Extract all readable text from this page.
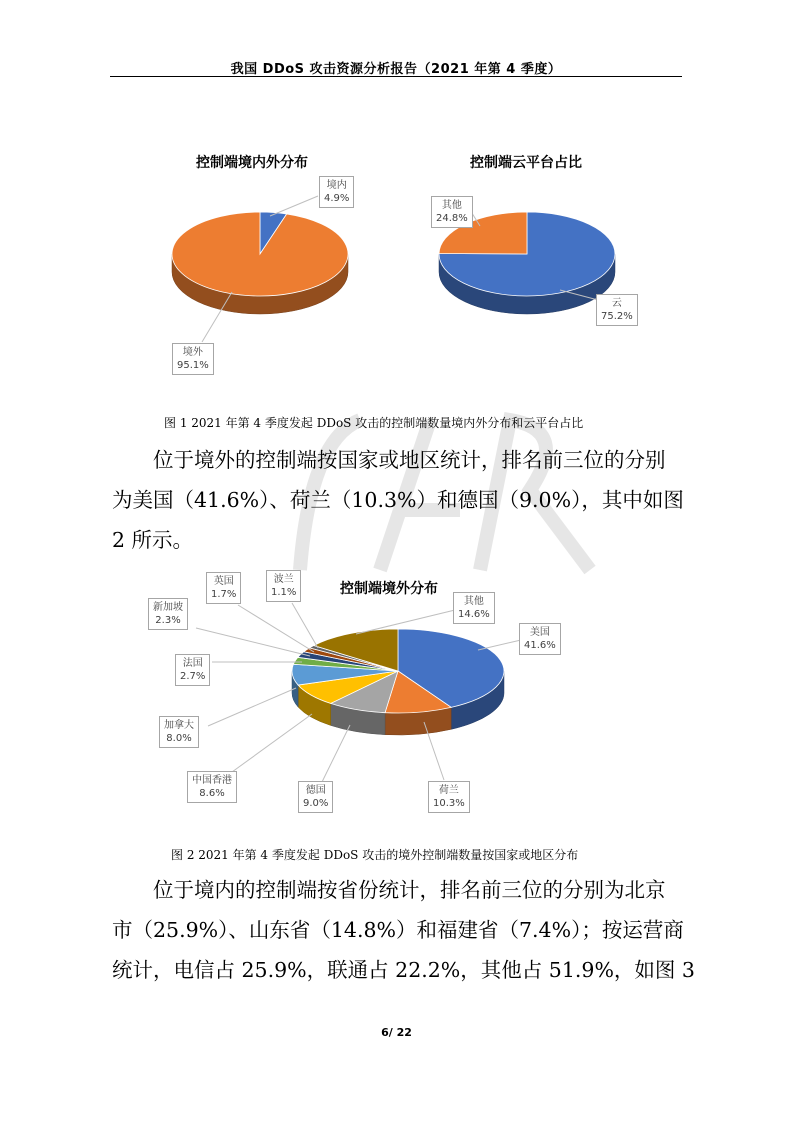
我国 DDoS 攻击资源分析报告（2021 年第 4 季度）
控制端境内外分布	控制端云平台占比
境内
4.9%
境外
95.1%
云
75.2%
其他
24.8%
图 1 2021 年第 4 季度发起 DDoS 攻击的控制端数量境内外分布和云平台占比
位于境外的控制端按国家或地区统计，排名前三位的分别
为美国（41.6%）、荷兰（10.3%）和德国（9.0%），其中如图
2 所示。
控制端境外分布
美国
41.6%
荷兰
10.3%
德国
9.0%
中国香港
8.6%
加拿大
8.0%
法国
2.7%
新加坡
2.3%
英国
1.7%
波兰
1.1%
其他
14.6%
图 2 2021 年第 4 季度发起 DDoS 攻击的境外控制端数量按国家或地区分布
位于境内的控制端按省份统计，排名前三位的分别为北京
市（25.9%）、山东省（14.8%）和福建省（7.4%）；按运营商
统计，电信占 25.9%，联通占 22.2%，其他占 51.9%，如图 3
6/ 22
